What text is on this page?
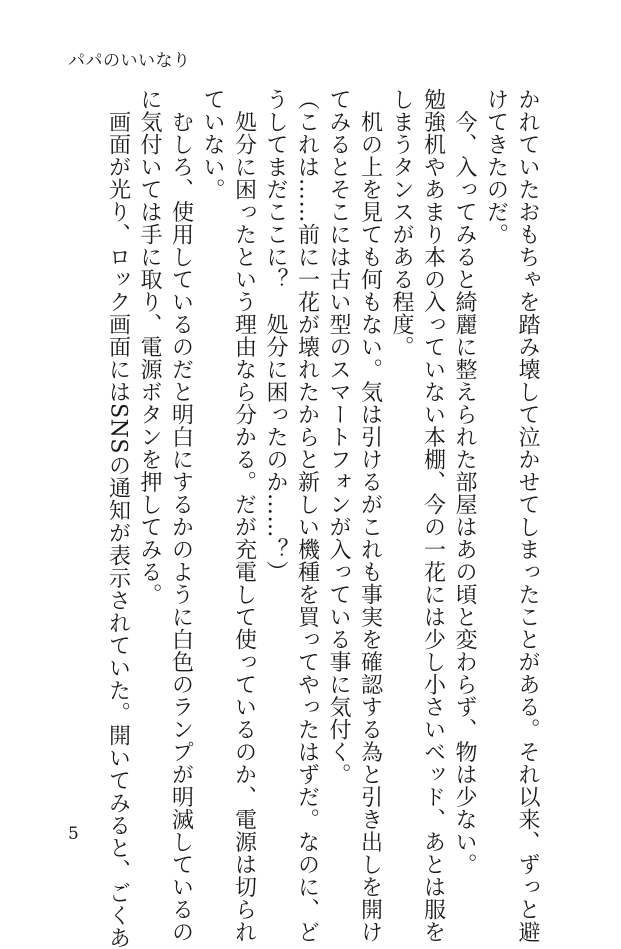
パパのいいなり
かれていたおもちゃを踏み壊して泣かせてしまったことがある。それ以来、ずっと避
けてきたのだ。
　今、入ってみると綺麗に整えられた部屋はあの頃と変わらず、物は少ない。
勉強机やあまり本の入っていない本棚、今の一花には少し小さいベッド、あとは服を
しまうタンスがある程度。
　机の上を見ても何もない。気は引けるがこれも事実を確認する為と引き出しを開け
てみるとそこには古い型のスマートフォンが入っている事に気付く。
（これは……前に一花が壊れたからと新しい機種を買ってやったはずだ。なのに、ど
うしてまだここに？　処分に困ったのか……？）
　処分に困ったという理由なら分かる。だが充電して使っているのか、電源は切られ
ていない。
　むしろ、使用しているのだと明白にするかのように白色のランプが明滅しているの
に気付いては手に取り、電源ボタンを押してみる。
　画面が光り、ロック画面にはSNSの通知が表示されていた。開いてみると、ごくあ
5
